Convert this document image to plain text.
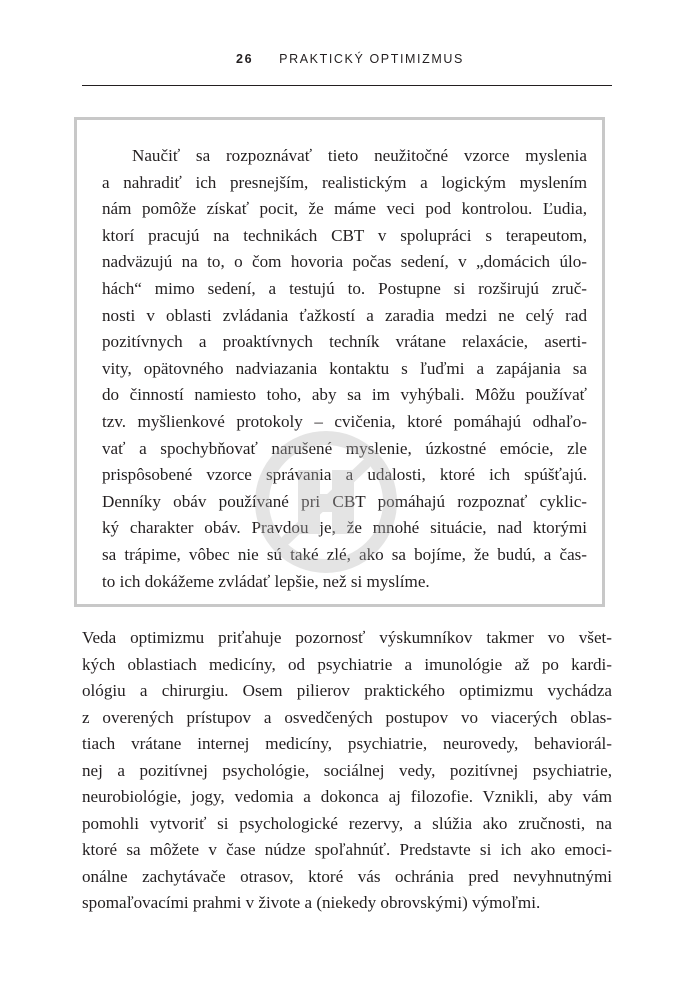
26 PRAKTICKÝ OPTIMIZMUS
Naučiť sa rozpoznávať tieto neužitočné vzorce myslenia
a nahradiť ich presnejším, realistickým a logickým myslením
nám pomôže získať pocit, že máme veci pod kontrolou. Ľudia,
ktorí pracujú na technikách CBT v spolupráci s terapeutom,
nadväzujú na to, o čom hovoria počas sedení, v „domácich úlo-
hách“ mimo sedení, a testujú to. Postupne si rozširujú zruč-
nosti v oblasti zvládania ťažkostí a zaradia medzi ne celý rad
pozitívnych a proaktívnych techník vrátane relaxácie, aserti-
vity, opätovného nadviazania kontaktu s ľuďmi a zapájania sa
do činností namiesto toho, aby sa im vyhýbali. Môžu používať
tzv. myšlienkové protokoly – cvičenia, ktoré pomáhajú odhaľo-
vať a spochybňovať narušené myslenie, úzkostné emócie, zle
prispôsobené vzorce správania a udalosti, ktoré ich spúšťajú.
Denníky obáv používané pri CBT pomáhajú rozpoznať cyklic-
ký charakter obáv. Pravdou je, že mnohé situácie, nad ktorými
sa trápime, vôbec nie sú také zlé, ako sa bojíme, že budú, a čas-
to ich dokážeme zvládať lepšie, než si myslíme.
Veda optimizmu priťahuje pozornosť výskumníkov takmer vo všet-
kých oblastiach medicíny, od psychiatrie a imunológie až po kardi-
ológiu a chirurgiu. Osem pilierov praktického optimizmu vychádza
z overených prístupov a osvedčených postupov vo viacerých oblas-
tiach vrátane internej medicíny, psychiatrie, neurovedy, behaviorál-
nej a pozitívnej psychológie, sociálnej vedy, pozitívnej psychiatrie,
neurobiológie, jogy, vedomia a dokonca aj filozofie. Vznikli, aby vám
pomohli vytvoriť si psychologické rezervy, a slúžia ako zručnosti, na
ktoré sa môžete v čase núdze spoľahnúť. Predstavte si ich ako emoci-
onálne zachytávače otrasov, ktoré vás ochránia pred nevyhnutnými
spomaľovacími prahmi v živote a (niekedy obrovskými) výmoľmi.
